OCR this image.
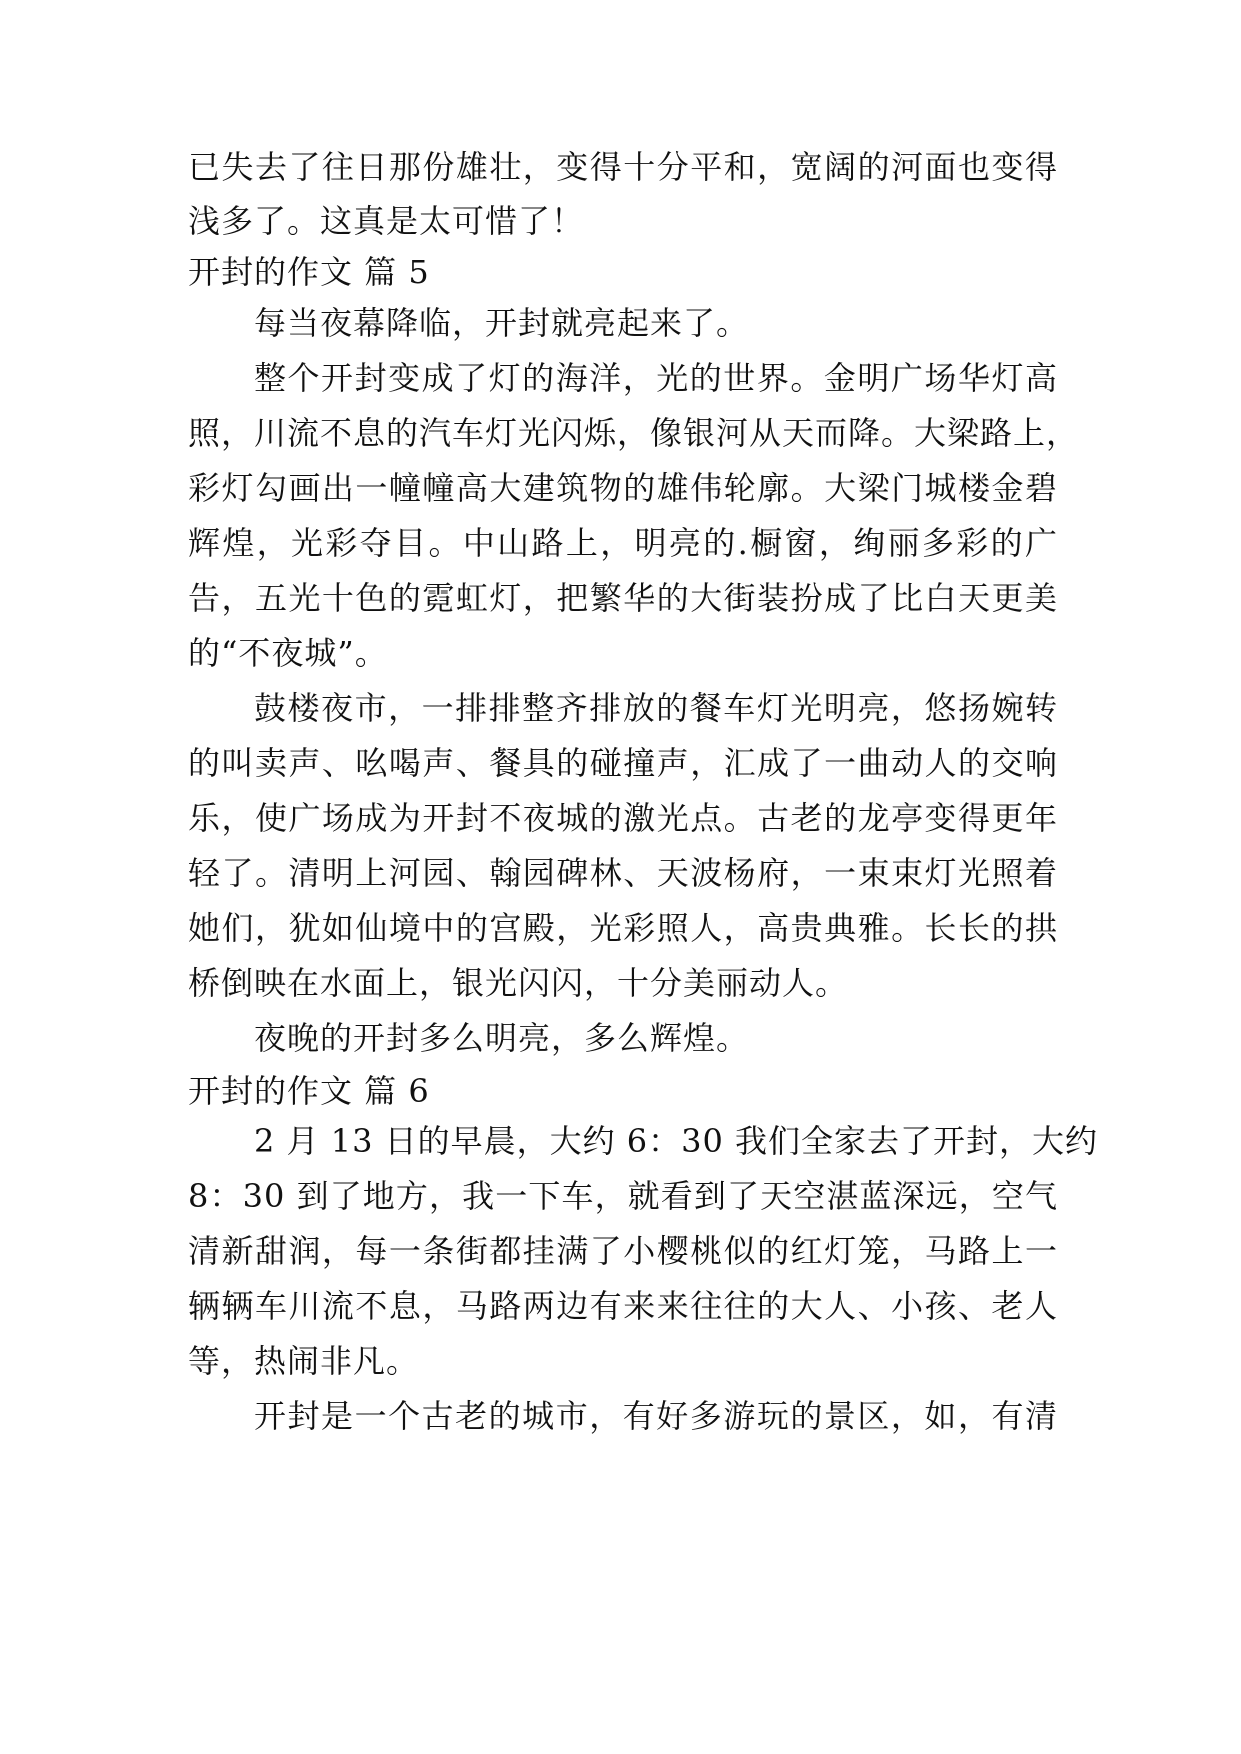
已失去了往日那份雄壮，变得十分平和，宽阔的河面也变得
浅多了。这真是太可惜了！
开封的作文 篇 5
每当夜幕降临，开封就亮起来了。
整个开封变成了灯的海洋，光的世界。金明广场华灯高
照，川流不息的汽车灯光闪烁，像银河从天而降。大梁路上，
彩灯勾画出一幢幢高大建筑物的雄伟轮廓。大梁门城楼金碧
辉煌，光彩夺目。中山路上，明亮的.橱窗，绚丽多彩的广
告，五光十色的霓虹灯，把繁华的大街装扮成了比白天更美
的“不夜城”。
鼓楼夜市，一排排整齐排放的餐车灯光明亮，悠扬婉转
的叫卖声、吆喝声、餐具的碰撞声，汇成了一曲动人的交响
乐，使广场成为开封不夜城的激光点。古老的龙亭变得更年
轻了。清明上河园、翰园碑林、天波杨府，一束束灯光照着
她们，犹如仙境中的宫殿，光彩照人，高贵典雅。长长的拱
桥倒映在水面上，银光闪闪，十分美丽动人。
夜晚的开封多么明亮，多么辉煌。
开封的作文 篇 6
2 月 13 日的早晨，大约 6：30 我们全家去了开封，大约
8：30 到了地方，我一下车，就看到了天空湛蓝深远，空气
清新甜润，每一条街都挂满了小樱桃似的红灯笼，马路上一
辆辆车川流不息，马路两边有来来往往的大人、小孩、老人
等，热闹非凡。
开封是一个古老的城市，有好多游玩的景区，如，有清
